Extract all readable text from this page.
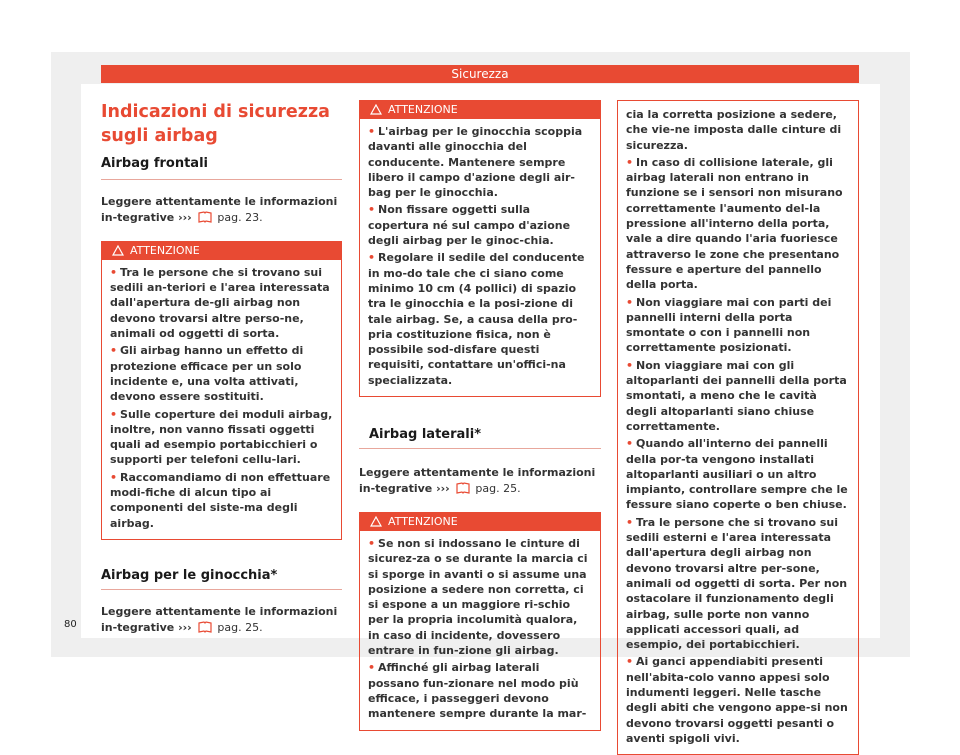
Sicurezza
Indicazioni di sicurezza sugli airbag
Airbag frontali

Leggere attentamente le informazioni in-tegrative ›››  pag. 23.

ATTENZIONE

• Tra le persone che si trovano sui sedili an-teriori e l'area interessata dall'apertura de-gli airbag non devono trovarsi altre perso-ne, animali od oggetti di sorta.

• Gli airbag hanno un effetto di protezione efficace per un solo incidente e, una volta attivati, devono essere sostituiti.

• Sulle coperture dei moduli airbag, inoltre, non vanno fissati oggetti quali ad esempio portabicchieri o supporti per telefoni cellu-lari.

• Raccomandiamo di non effettuare modi-fiche di alcun tipo ai componenti del siste-ma degli airbag.

Airbag per le ginocchia*

Leggere attentamente le informazioni in-tegrative ›››  pag. 25.

ATTENZIONE

• L'airbag per le ginocchia scoppia davanti alle ginocchia del conducente. Mantenere sempre libero il campo d'azione degli air-bag per le ginocchia.

• Non fissare oggetti sulla copertura né sul campo d'azione degli airbag per le ginoc-chia.

• Regolare il sedile del conducente in mo-do tale che ci siano come minimo 10 cm (4 pollici) di spazio tra le ginocchia e la posi-zione di tale airbag. Se, a causa della pro-pria costituzione fisica, non è possibile sod-disfare questi requisiti, contattare un'offici-na specializzata.

Airbag laterali*

Leggere attentamente le informazioni in-tegrative ›››  pag. 25.

ATTENZIONE

• Se non si indossano le cinture di sicurez-za o se durante la marcia ci si sporge in avanti o si assume una posizione a sedere non corretta, ci si espone a un maggiore ri-schio per la propria incolumità qualora, in caso di incidente, dovessero entrare in fun-zione gli airbag.

• Affinché gli airbag laterali possano fun-zionare nel modo più efficace, i passeggeri devono mantenere sempre durante la mar-

cia la corretta posizione a sedere, che vie-ne imposta dalle cinture di sicurezza.

• In caso di collisione laterale, gli airbag laterali non entrano in funzione se i sensori non misurano correttamente l'aumento del-la pressione all'interno della porta, vale a dire quando l'aria fuoriesce attraverso le zone che presentano fessure e aperture del pannello della porta.

• Non viaggiare mai con parti dei pannelli interni della porta smontate o con i pannelli non correttamente posizionati.

• Non viaggiare mai con gli altoparlanti dei pannelli della porta smontati, a meno che le cavità degli altoparlanti siano chiuse correttamente.

• Quando all'interno dei pannelli della por-ta vengono installati altoparlanti ausiliari o un altro impianto, controllare sempre che le fessure siano coperte o ben chiuse.

• Tra le persone che si trovano sui sedili esterni e l'area interessata dall'apertura degli airbag non devono trovarsi altre per-sone, animali od oggetti di sorta. Per non ostacolare il funzionamento degli airbag, sulle porte non vanno applicati accessori quali, ad esempio, dei portabicchieri.

• Ai ganci appendiabiti presenti nell'abita-colo vanno appesi solo indumenti leggeri. Nelle tasche degli abiti che vengono appe-si non devono trovarsi oggetti pesanti o aventi spigoli vivi.

80
